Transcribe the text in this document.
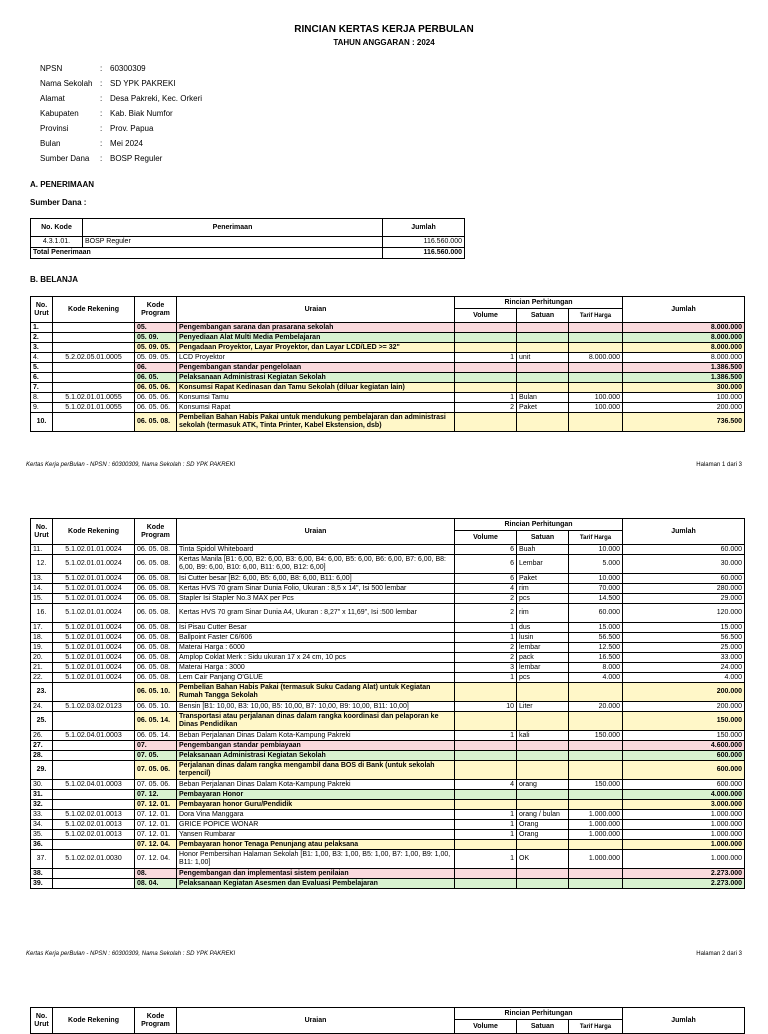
RINCIAN KERTAS KERJA PERBULAN
TAHUN ANGGARAN : 2024
NPSN	: 60300309
Nama Sekolah : SD YPK PAKREKI
Alamat	: Desa Pakreki, Kec. Orkeri
Kabupaten	: Kab. Biak Numfor
Provinsi	: Prov. Papua
Bulan	: Mei 2024
Sumber Dana	: BOSP Reguler
A. PENERIMAAN
Sumber Dana :
No. Kode	Penerimaan	Jumlah
4.3.1.01.	BOSP Reguler	116.560.000
Total Penerimaan		116.560.000
B. BELANJA
No. Urut	Kode Rekening	Kode Program	Uraian	Rincian Perhitungan			Jumlah
				Volume	Satuan	Tarif Harga	
1.		05.	Pengembangan sarana dan prasarana sekolah				8.000.000
2.		05. 09.	Penyediaan Alat Multi Media Pembelajaran				8.000.000
3.		05. 09. 05.	Pengadaan Proyektor, Layar Proyektor, dan Layar LCD/LED >= 32"				8.000.000
4.	5.2.02.05.01.0005	05. 09. 05.	LCD Proyektor	1	unit	8.000.000	8.000.000
5.		06.	Pengembangan standar pengelolaan				1.386.500
6.		06. 05.	Pelaksanaan Administrasi Kegiatan Sekolah				1.386.500
7.		06. 05. 06.	Konsumsi Rapat Kedinasan dan Tamu Sekolah (diluar kegiatan lain)				300.000
8.	5.1.02.01.01.0055	06. 05. 06.	Konsumsi Tamu	1	Bulan	100.000	100.000
9.	5.1.02.01.01.0055	06. 05. 06.	Konsumsi Rapat	2	Paket	100.000	200.000
10.		06. 05. 08.	Pembelian Bahan Habis Pakai untuk mendukung pembelajaran dan administrasi sekolah (termasuk ATK, Tinta Printer, Kabel Ekstension, dsb)				736.500
Kertas Kerja perBulan - NPSN : 60300309, Nama Sekolah : SD YPK PAKREKI	Halaman 1 dari 3
No. Urut	Kode Rekening	Kode Program	Uraian	Rincian Perhitungan			Jumlah
				Volume	Satuan	Tarif Harga	
11.	5.1.02.01.01.0024	06. 05. 08.	Tinta Spidol Whiteboard	6	Buah	10.000	60.000
12.	5.1.02.01.01.0024	06. 05. 08.	Kertas Manila [B1: 6,00, B2: 6,00, B3: 6,00, B4: 6,00, B5: 6,00, B6: 6,00, B7: 6,00, B8: 6,00, B9: 6,00, B10: 6,00, B11: 6,00, B12: 6,00]	6	Lembar	5.000	30.000
13.	5.1.02.01.01.0024	06. 05. 08.	Isi Cutter besar [B2: 6,00, B5: 6,00, B8: 6,00, B11: 6,00]	6	Paket	10.000	60.000
14.	5.1.02.01.01.0024	06. 05. 08.	Kertas HVS 70 gram Sinar Dunia Folio, Ukuran : 8,5 x 14", Isi 500 lembar	4	rim	70.000	280.000
15.	5.1.02.01.01.0024	06. 05. 08.	Stapler Isi Stapler No.3 MAX per Pcs	2	pcs	14.500	29.000
16.	5.1.02.01.01.0024	06. 05. 08.	Kertas HVS 70 gram Sinar Dunia A4, Ukuran : 8,27" x 11,69", Isi :500 lembar	2	rim	60.000	120.000
17.	5.1.02.01.01.0024	06. 05. 08.	Isi Pisau Cutter Besar	1	dus	15.000	15.000
18.	5.1.02.01.01.0024	06. 05. 08.	Ballpoint Faster C6/606	1	lusin	56.500	56.500
19.	5.1.02.01.01.0024	06. 05. 08.	Materai Harga : 6000	2	lembar	12.500	25.000
20.	5.1.02.01.01.0024	06. 05. 08.	Amplop Coklat Merk : Sidu ukuran 17 x 24 cm, 10 pcs	2	pack	16.500	33.000
21.	5.1.02.01.01.0024	06. 05. 08.	Materai Harga : 3000	3	lembar	8.000	24.000
22.	5.1.02.01.01.0024	06. 05. 08.	Lem Cair Panjang O'GLUE	1	pcs	4.000	4.000
23.		06. 05. 10.	Pembelian Bahan Habis Pakai (termasuk Suku Cadang Alat) untuk Kegiatan Rumah Tangga Sekolah				200.000
24.	5.1.02.03.02.0123	06. 05. 10.	Bensin [B1: 10,00, B3: 10,00, B5: 10,00, B7: 10,00, B9: 10,00, B11: 10,00]	10	Liter	20.000	200.000
25.		06. 05. 14.	Transportasi atau perjalanan dinas dalam rangka koordinasi dan pelaporan ke Dinas Pendidikan				150.000
26.	5.1.02.04.01.0003	06. 05. 14.	Beban Perjalanan Dinas Dalam Kota-Kampung Pakreki	1	kali	150.000	150.000
27.		07.	Pengembangan standar pembiayaan				4.600.000
28.		07. 05.	Pelaksanaan Administrasi Kegiatan Sekolah				600.000
29.		07. 05. 06.	Perjalanan dinas dalam rangka mengambil dana BOS di Bank (untuk sekolah terpencil)				600.000
30.	5.1.02.04.01.0003	07. 05. 06.	Beban Perjalanan Dinas Dalam Kota-Kampung Pakreki	4	orang	150.000	600.000
31.		07. 12.	Pembayaran Honor				4.000.000
32.		07. 12. 01.	Pembayaran honor Guru/Pendidik				3.000.000
33.	5.1.02.02.01.0013	07. 12. 01.	Dora Vina Manggara	1	orang / bulan	1.000.000	1.000.000
34.	5.1.02.02.01.0013	07. 12. 01.	GRICE POPICE WONAR	1	Orang	1.000.000	1.000.000
35.	5.1.02.02.01.0013	07. 12. 01.	Yansen Rumbarar	1	Orang	1.000.000	1.000.000
36.		07. 12. 04.	Pembayaran honor Tenaga Penunjang atau pelaksana				1.000.000
37.	5.1.02.02.01.0030	07. 12. 04.	Honor Pembersihan Halaman Sekolah [B1: 1,00, B3: 1,00, B5: 1,00, B7: 1,00, B9: 1,00, B11: 1,00]	1	OK	1.000.000	1.000.000
38.		08.	Pengembangan dan implementasi sistem penilaian				2.273.000
39.		08. 04.	Pelaksanaan Kegiatan Asesmen dan Evaluasi Pembelajaran				2.273.000
Kertas Kerja perBulan - NPSN : 60300309, Nama Sekolah : SD YPK PAKREKI	Halaman 2 dari 3
No. Urut	Kode Rekening	Kode Program	Uraian	Rincian Perhitungan			Jumlah
				Volume	Satuan	Tarif Harga	
